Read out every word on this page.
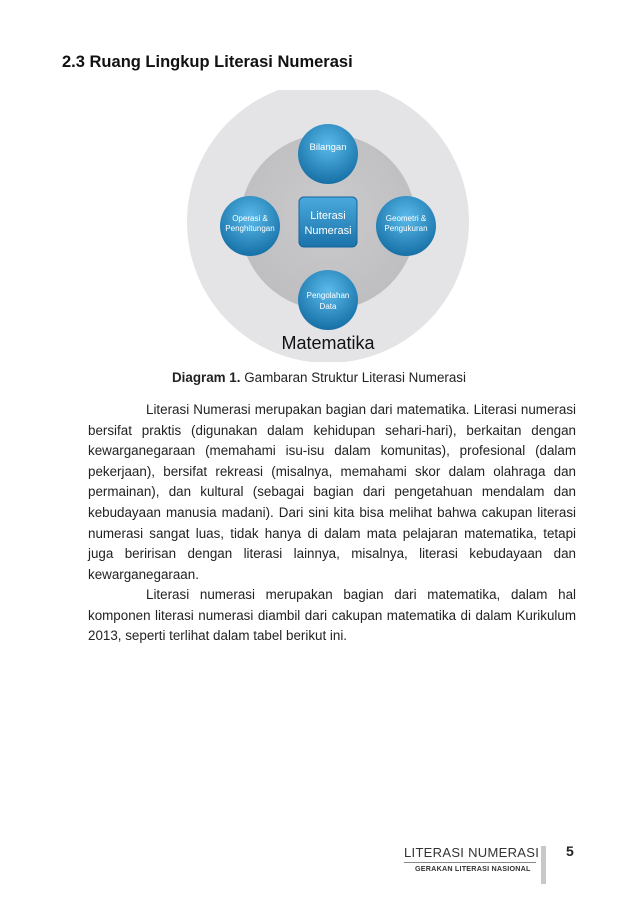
2.3 Ruang Lingkup Literasi Numerasi
Bilangan
Operasi &
Penghitungan
Geometri &
Pengukuran
Pengolahan
Data
Literasi
Numerasi
Matematika
Diagram 1. Gambaran Struktur Literasi Numerasi

Literasi Numerasi merupakan bagian dari matematika. Literasi numerasi bersifat praktis (digunakan dalam kehidupan sehari-hari), berkaitan dengan kewarganegaraan (memahami isu-isu dalam komunitas), profesional (dalam pekerjaan), bersifat rekreasi (misalnya, memahami skor dalam olahraga dan permainan), dan kultural (sebagai bagian dari pengetahuan mendalam dan kebudayaan manusia madani). Dari sini kita bisa melihat bahwa cakupan literasi numerasi sangat luas, tidak hanya di dalam mata pelajaran matematika, tetapi juga beririsan dengan literasi lainnya, misalnya, literasi kebudayaan dan kewarganegaraan.

Literasi numerasi merupakan bagian dari matematika, dalam hal komponen literasi numerasi diambil dari cakupan matematika di dalam Kurikulum 2013, seperti terlihat dalam tabel berikut ini.

LITERASI NUMERASI
GERAKAN LITERASI NASIONAL
5
